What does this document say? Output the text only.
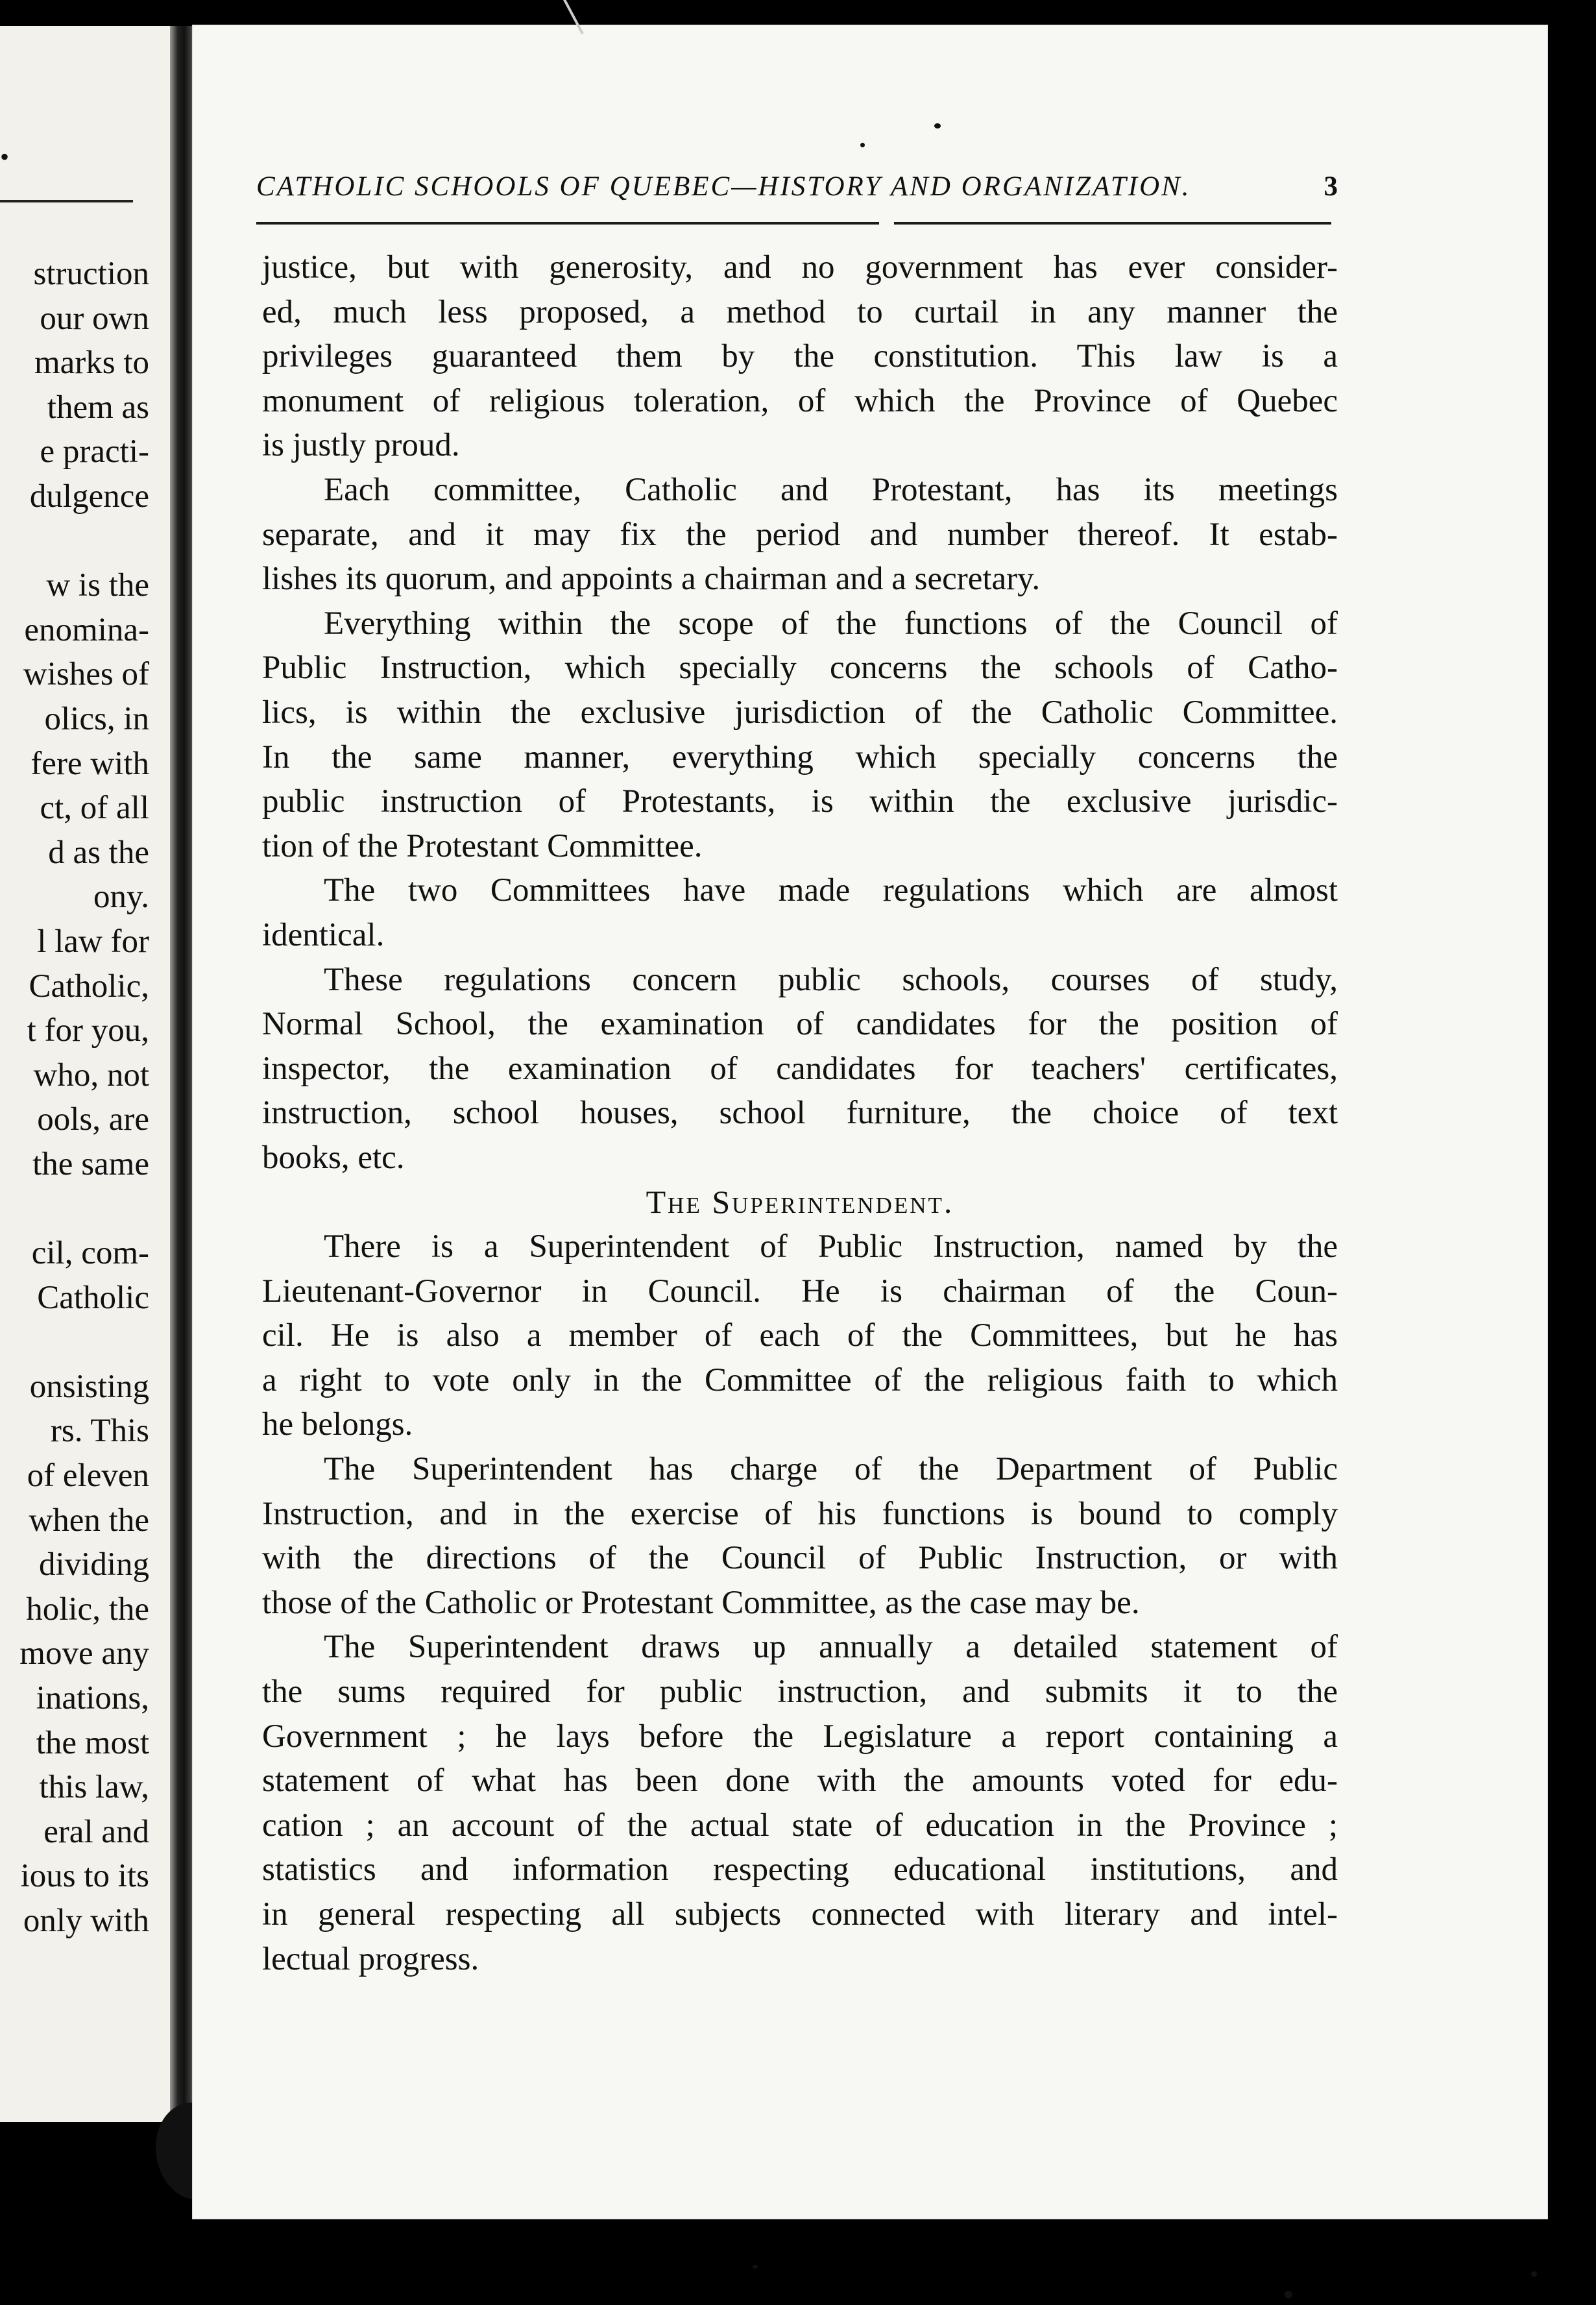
•
struction
our own
marks to
them as
e practi-
dulgence
w is the
enomina-
wishes of
olics, in
fere with
ct, of all
d as the
ony.
l law for
Catholic,
t for you,
who, not
ools, are
the same
cil, com-
Catholic
onsisting
rs. This
of eleven
when the
dividing
holic, the
move any
inations,
the most
this law,
eral and
ious to its
only with
CATHOLIC SCHOOLS OF QUEBEC—HISTORY AND ORGANIZATION.	3
justice, but with generosity, and no government has ever consider-
ed, much less proposed, a method to curtail in any manner the
privileges guaranteed them by the constitution. This law is a
monument of religious toleration, of which the Province of Quebec
is justly proud.
Each committee, Catholic and Protestant, has its meetings
separate, and it may fix the period and number thereof. It estab-
lishes its quorum, and appoints a chairman and a secretary.
Everything within the scope of the functions of the Council of
Public Instruction, which specially concerns the schools of Catho-
lics, is within the exclusive jurisdiction of the Catholic Committee.
In the same manner, everything which specially concerns the
public instruction of Protestants, is within the exclusive jurisdic-
tion of the Protestant Committee.
The two Committees have made regulations which are almost
identical.
These regulations concern public schools, courses of study,
Normal School, the examination of candidates for the position of
inspector, the examination of candidates for teachers' certificates,
instruction, school houses, school furniture, the choice of text
books, etc.
The Superintendent.
There is a Superintendent of Public Instruction, named by the
Lieutenant-Governor in Council. He is chairman of the Coun-
cil. He is also a member of each of the Committees, but he has
a right to vote only in the Committee of the religious faith to which
he belongs.
The Superintendent has charge of the Department of Public
Instruction, and in the exercise of his functions is bound to comply
with the directions of the Council of Public Instruction, or with
those of the Catholic or Protestant Committee, as the case may be.
The Superintendent draws up annually a detailed statement of
the sums required for public instruction, and submits it to the
Government ; he lays before the Legislature a report containing a
statement of what has been done with the amounts voted for edu-
cation ; an account of the actual state of education in the Province ;
statistics and information respecting educational institutions, and
in general respecting all subjects connected with literary and intel-
lectual progress.
